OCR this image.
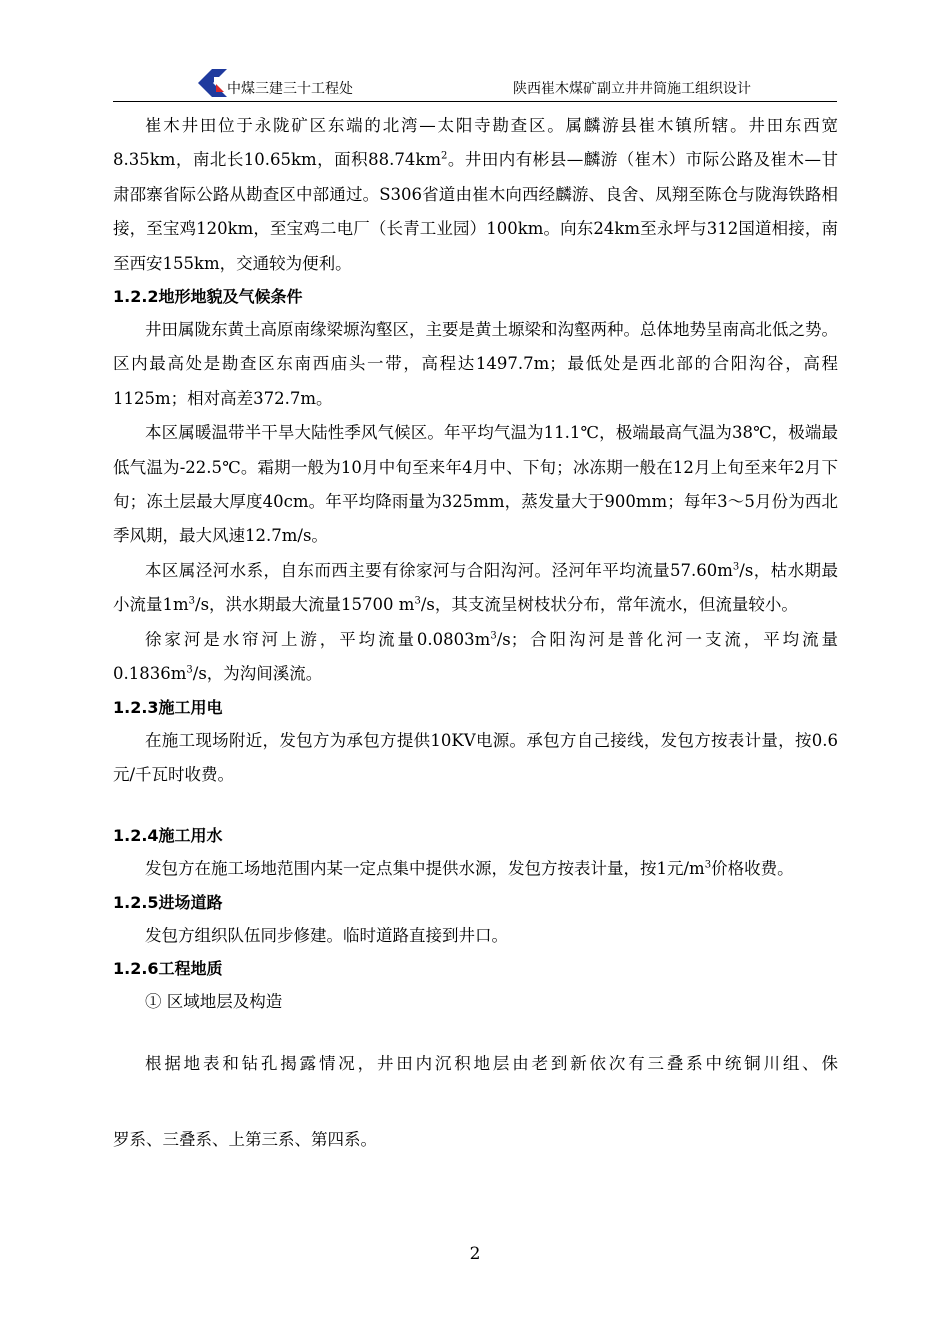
中煤三建三十工程处	陕西崔木煤矿副立井井筒施工组织设计

崔木井田位于永陇矿区东端的北湾—太阳寺勘查区。属麟游县崔木镇所辖。井田东西宽8.35km，南北长10.65km，面积$88.74km^2$。井田内有彬县—麟游（崔木）市际公路及崔木—甘肃邵寨省际公路从勘查区中部通过。S306省道由崔木向西经麟游、良舍、凤翔至陈仓与陇海铁路相接，至宝鸡120km，至宝鸡二电厂（长青工业园）100km。向东24km至永坪与312国道相接，南至西安155km，交通较为便利。

1.2.2地形地貌及气候条件

井田属陇东黄土高原南缘梁塬沟壑区，主要是黄土塬梁和沟壑两种。总体地势呈南高北低之势。区内最高处是勘查区东南西庙头一带，高程达1497.7m；最低处是西北部的合阳沟谷，高程1125m；相对高差372.7m。

本区属暖温带半干旱大陆性季风气候区。年平均气温为11.1℃，极端最高气温为38℃，极端最低气温为-22.5℃。霜期一般为10月中旬至来年4月中、下旬；冰冻期一般在12月上旬至来年2月下旬；冻土层最大厚度40cm。年平均降雨量为325mm，蒸发量大于900mm；每年3～5月份为西北季风期，最大风速12.7m/s。

本区属泾河水系，自东而西主要有徐家河与合阳沟河。泾河年平均流量$57.60m^3/s$，枯水期最小流量$1m^3/s$，洪水期最大流量15700 $m^3/s$，其支流呈树枝状分布，常年流水，但流量较小。

徐家河是水帘河上游，平均流量$0.0803m^3/s$；合阳沟河是普化河一支流，平均流量$0.1836m^3/s$，为沟间溪流。

1.2.3施工用电

在施工现场附近，发包方为承包方提供10KV电源。承包方自己接线，发包方按表计量，按0.6元/千瓦时收费。

1.2.4施工用水

发包方在施工场地范围内某一定点集中提供水源，发包方按表计量，按1元$/m^3$价格收费。

1.2.5进场道路

发包方组织队伍同步修建。临时道路直接到井口。

1.2.6工程地质

① 区域地层及构造

根据地表和钻孔揭露情况，井田内沉积地层由老到新依次有三叠系中统铜川组、侏

罗系、三叠系、上第三系、第四系。

2
